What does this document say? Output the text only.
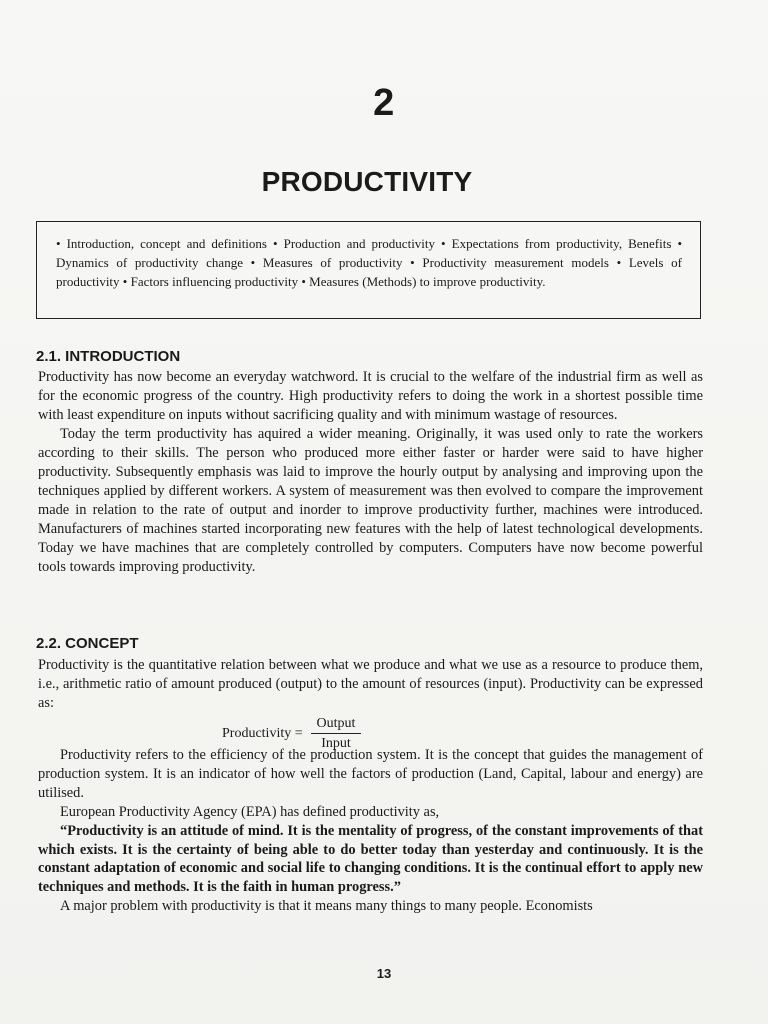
2
PRODUCTIVITY

• Introduction, concept and definitions • Production and productivity • Expectations from productivity, Benefits • Dynamics of productivity change • Measures of productivity • Productivity measurement models • Levels of productivity • Factors influencing productivity • Measures (Methods) to improve productivity.

2.1. INTRODUCTION

Productivity has now become an everyday watchword. It is crucial to the welfare of the industrial firm as well as for the economic progress of the country. High productivity refers to doing the work in a shortest possible time with least expenditure on inputs without sacrificing quality and with minimum wastage of resources.

Today the term productivity has aquired a wider meaning. Originally, it was used only to rate the workers according to their skills. The person who produced more either faster or harder were said to have higher productivity. Subsequently emphasis was laid to improve the hourly output by analysing and improving upon the techniques applied by different workers. A system of measurement was then evolved to compare the improvement made in relation to the rate of output and inorder to improve productivity further, machines were introduced. Manufacturers of machines started incorporating new features with the help of latest technological developments. Today we have machines that are completely controlled by computers. Computers have now become powerful tools towards improving productivity.

2.2. CONCEPT

Productivity is the quantitative relation between what we produce and what we use as a resource to produce them, i.e., arithmetic ratio of amount produced (output) to the amount of resources (input). Productivity can be expressed as:

Productivity =
Output
Input

Productivity refers to the efficiency of the production system. It is the concept that guides the management of production system. It is an indicator of how well the factors of production (Land, Capital, labour and energy) are utilised.

European Productivity Agency (EPA) has defined productivity as,

“Productivity is an attitude of mind. It is the mentality of progress, of the constant improvements of that which exists. It is the certainty of being able to do better today than yesterday and continuously. It is the constant adaptation of economic and social life to changing conditions. It is the continual effort to apply new techniques and methods. It is the faith in human progress.”

A major problem with productivity is that it means many things to many people. Economists

13
